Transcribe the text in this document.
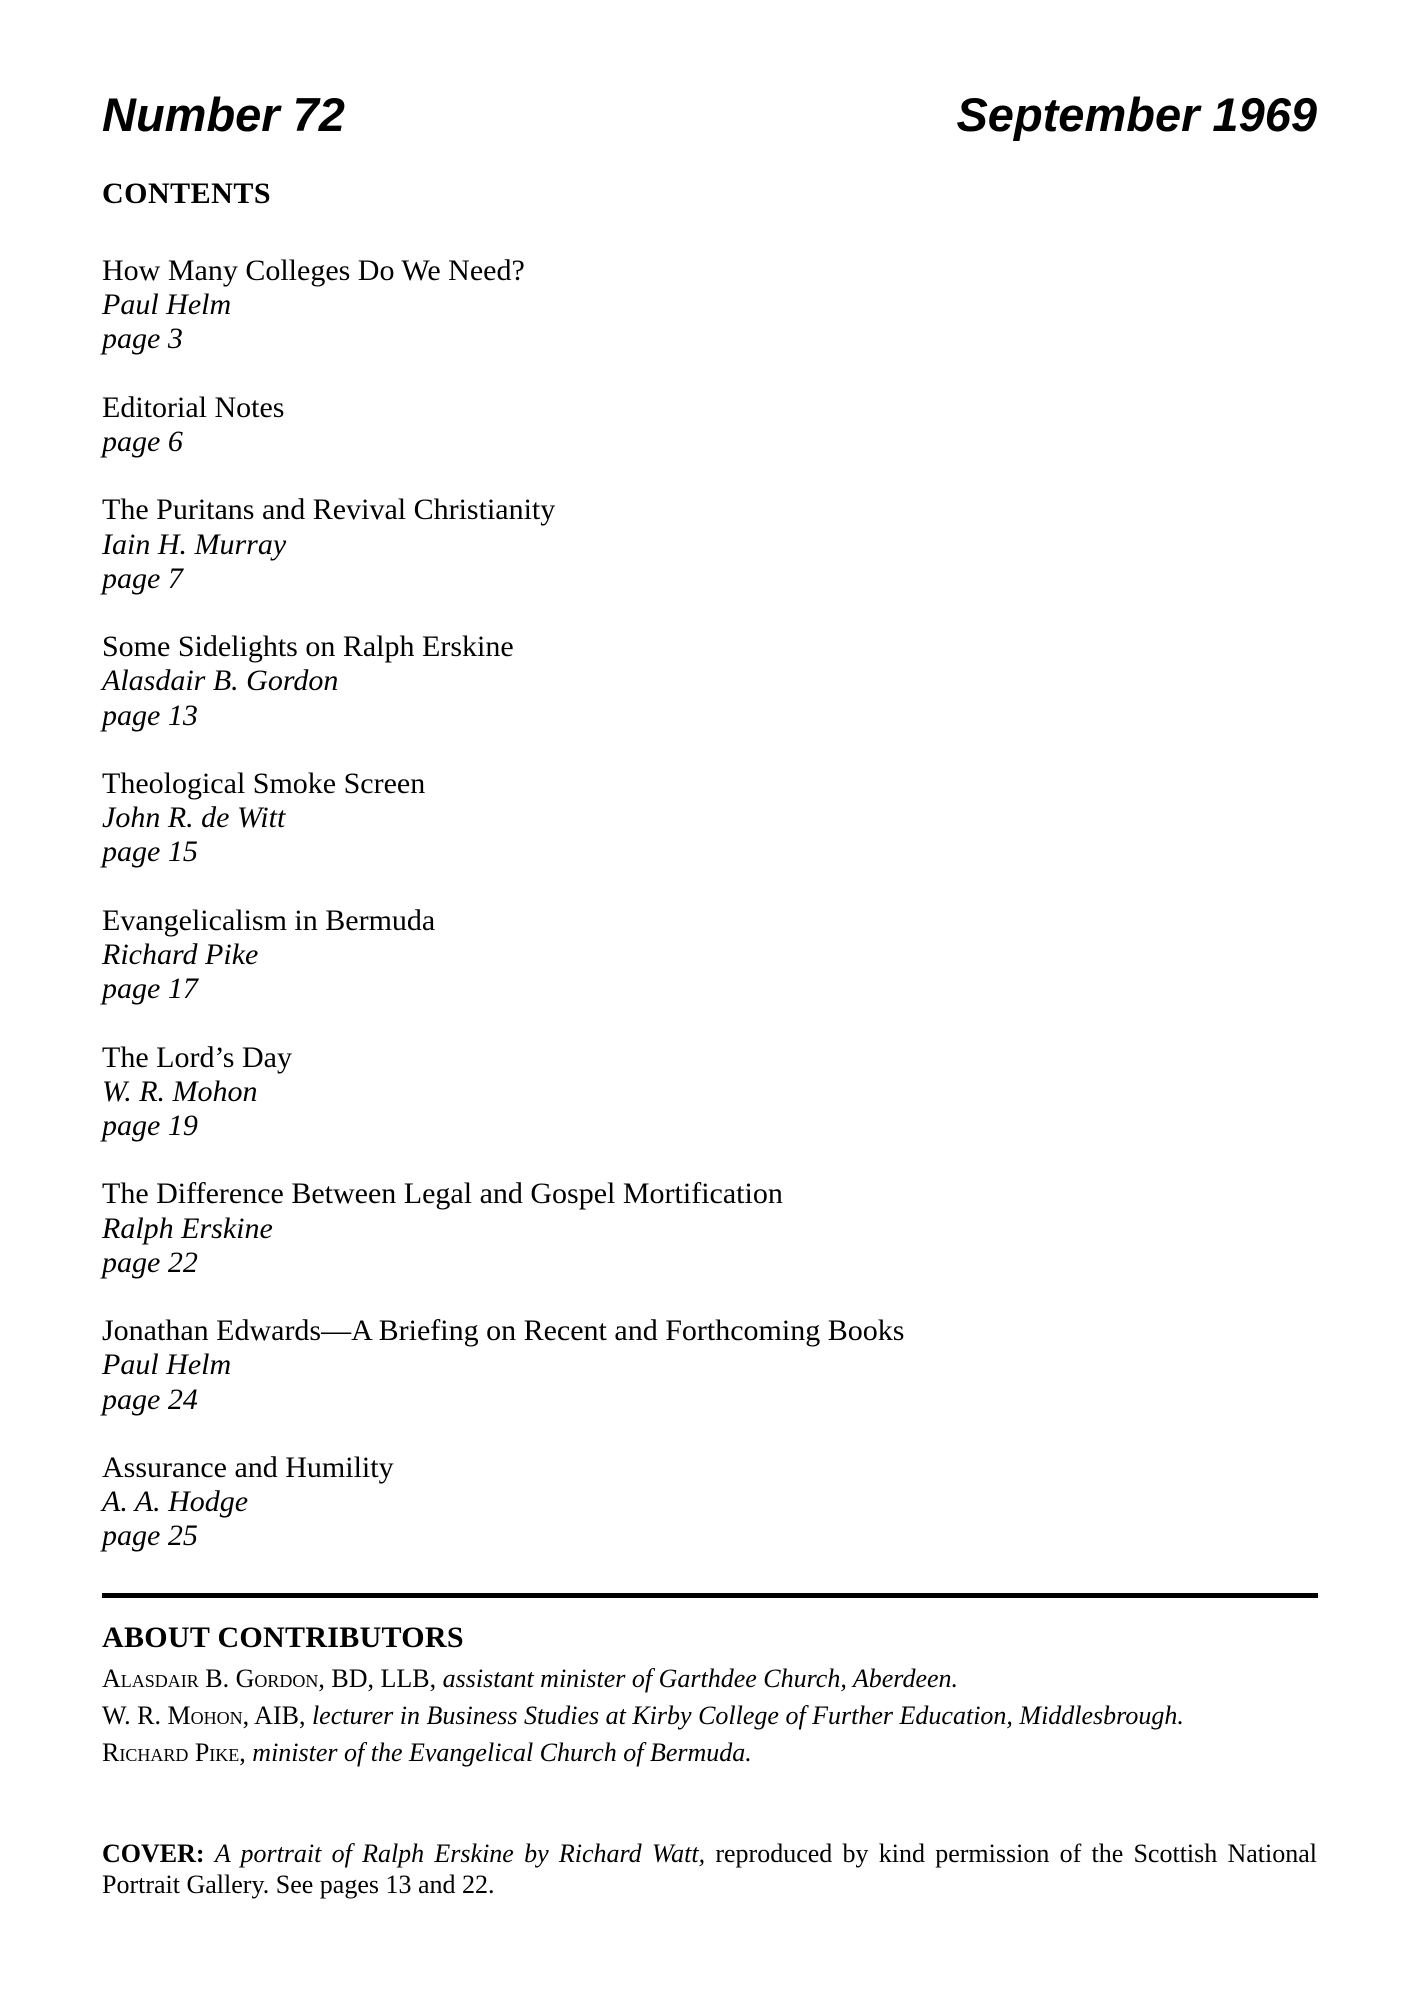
Number 72	September 1969
CONTENTS
How Many Colleges Do We Need?
Paul Helm
page 3
Editorial Notes
page 6
The Puritans and Revival Christianity
Iain H. Murray
page 7
Some Sidelights on Ralph Erskine
Alasdair B. Gordon
page 13
Theological Smoke Screen
John R. de Witt
page 15
Evangelicalism in Bermuda
Richard Pike
page 17
The Lord’s Day
W. R. Mohon
page 19
The Difference Between Legal and Gospel Mortification
Ralph Erskine
page 22
Jonathan Edwards—A Briefing on Recent and Forthcoming Books
Paul Helm
page 24
Assurance and Humility
A. A. Hodge
page 25
ABOUT CONTRIBUTORS
Alasdair B. Gordon, BD, LLB, assistant minister of Garthdee Church, Aberdeen.
W. R. Mohon, AIB, lecturer in Business Studies at Kirby College of Further Education, Middlesbrough.
Richard Pike, minister of the Evangelical Church of Bermuda.
COVER: A portrait of Ralph Erskine by Richard Watt, reproduced by kind permission of the Scottish National
Portrait Gallery. See pages 13 and 22.
